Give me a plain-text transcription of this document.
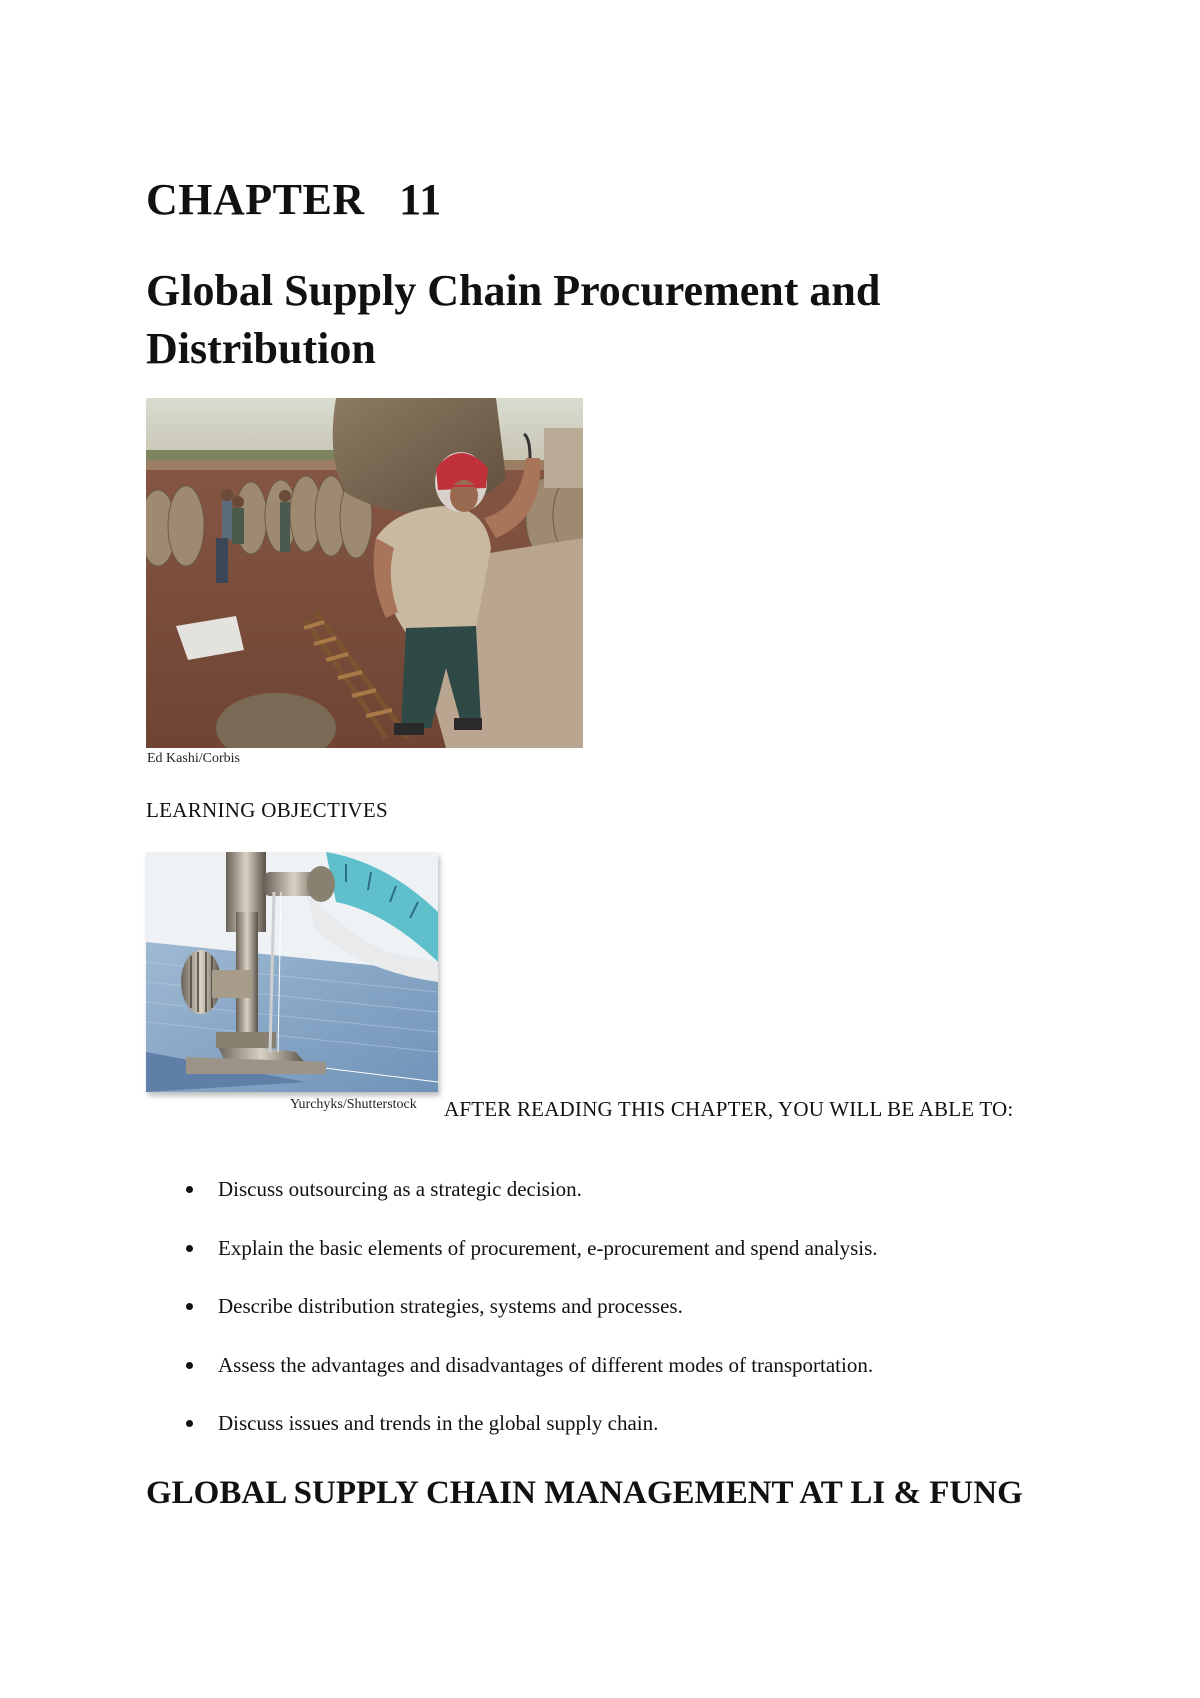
CHAPTER   11
Global Supply Chain Procurement and Distribution
Ed Kashi/Corbis
LEARNING OBJECTIVES
Yurchyks/Shutterstock	AFTER READING THIS CHAPTER, YOU WILL BE ABLE TO:

Discuss outsourcing as a strategic decision.
Explain the basic elements of procurement, e-procurement and spend analysis.
Describe distribution strategies, systems and processes.
Assess the advantages and disadvantages of different modes of transportation.
Discuss issues and trends in the global supply chain.
GLOBAL SUPPLY CHAIN MANAGEMENT AT LI & FUNG
